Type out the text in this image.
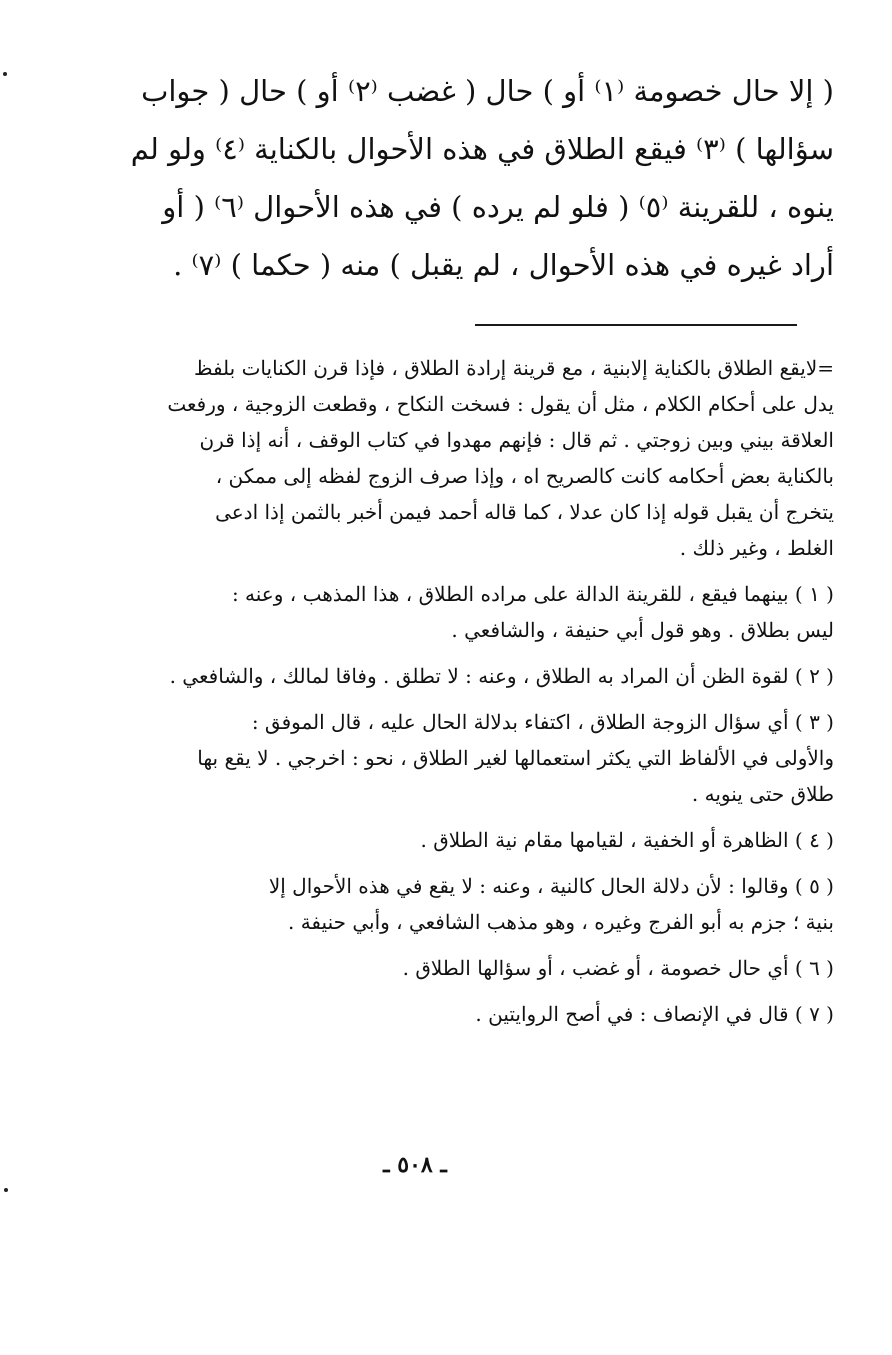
( إلا حال خصومة ⁽١⁾ أو ) حال ( غضب ⁽٢⁾ أو ) حال ( جواب
سؤالها ) ⁽٣⁾ فيقع الطلاق في هذه الأحوال بالكناية ⁽٤⁾ ولو لم
ينوه ، للقرينة ⁽٥⁾ ( فلو لم يرده ) في هذه الأحوال ⁽٦⁾ ( أو
أراد غيره في هذه الأحوال ، لم يقبل ) منه ( حكما ) ⁽٧⁾ .
=لايقع الطلاق بالكناية إلابنية ، مع قرينة إرادة الطلاق ، فإذا قرن الكنايات بلفظ
يدل على أحكام الكلام ، مثل أن يقول : فسخت النكاح ، وقطعت الزوجية ، ورفعت
العلاقة بيني وبين زوجتي . ثم قال : فإنهم مهدوا في كتاب الوقف ، أنه إذا قرن
بالكناية بعض أحكامه كانت كالصريح اه ، وإذا صرف الزوج لفظه إلى ممكن ،
يتخرج أن يقبل قوله إذا كان عدلا ، كما قاله أحمد فيمن أخبر بالثمن إذا ادعى
الغلط ، وغير ذلك .
( ١ ) بينهما فيقع ، للقرينة الدالة على مراده الطلاق ، هذا المذهب ، وعنه :
ليس بطلاق . وهو قول أبي حنيفة ، والشافعي .
( ٢ ) لقوة الظن أن المراد به الطلاق ، وعنه : لا تطلق . وفاقا لمالك ، والشافعي .
( ٣ ) أي سؤال الزوجة الطلاق ، اكتفاء بدلالة الحال عليه ، قال الموفق :
والأولى في الألفاظ التي يكثر استعمالها لغير الطلاق ، نحو : اخرجي . لا يقع بها
طلاق حتى ينويه .
( ٤ ) الظاهرة أو الخفية ، لقيامها مقام نية الطلاق .
( ٥ ) وقالوا : لأن دلالة الحال كالنية ، وعنه : لا يقع في هذه الأحوال إلا
بنية ؛ جزم به أبو الفرج وغيره ، وهو مذهب الشافعي ، وأبي حنيفة .
( ٦ ) أي حال خصومة ، أو غضب ، أو سؤالها الطلاق .
( ٧ ) قال في الإنصاف : في أصح الروايتين .
ـ ٥٠٨ ـ
